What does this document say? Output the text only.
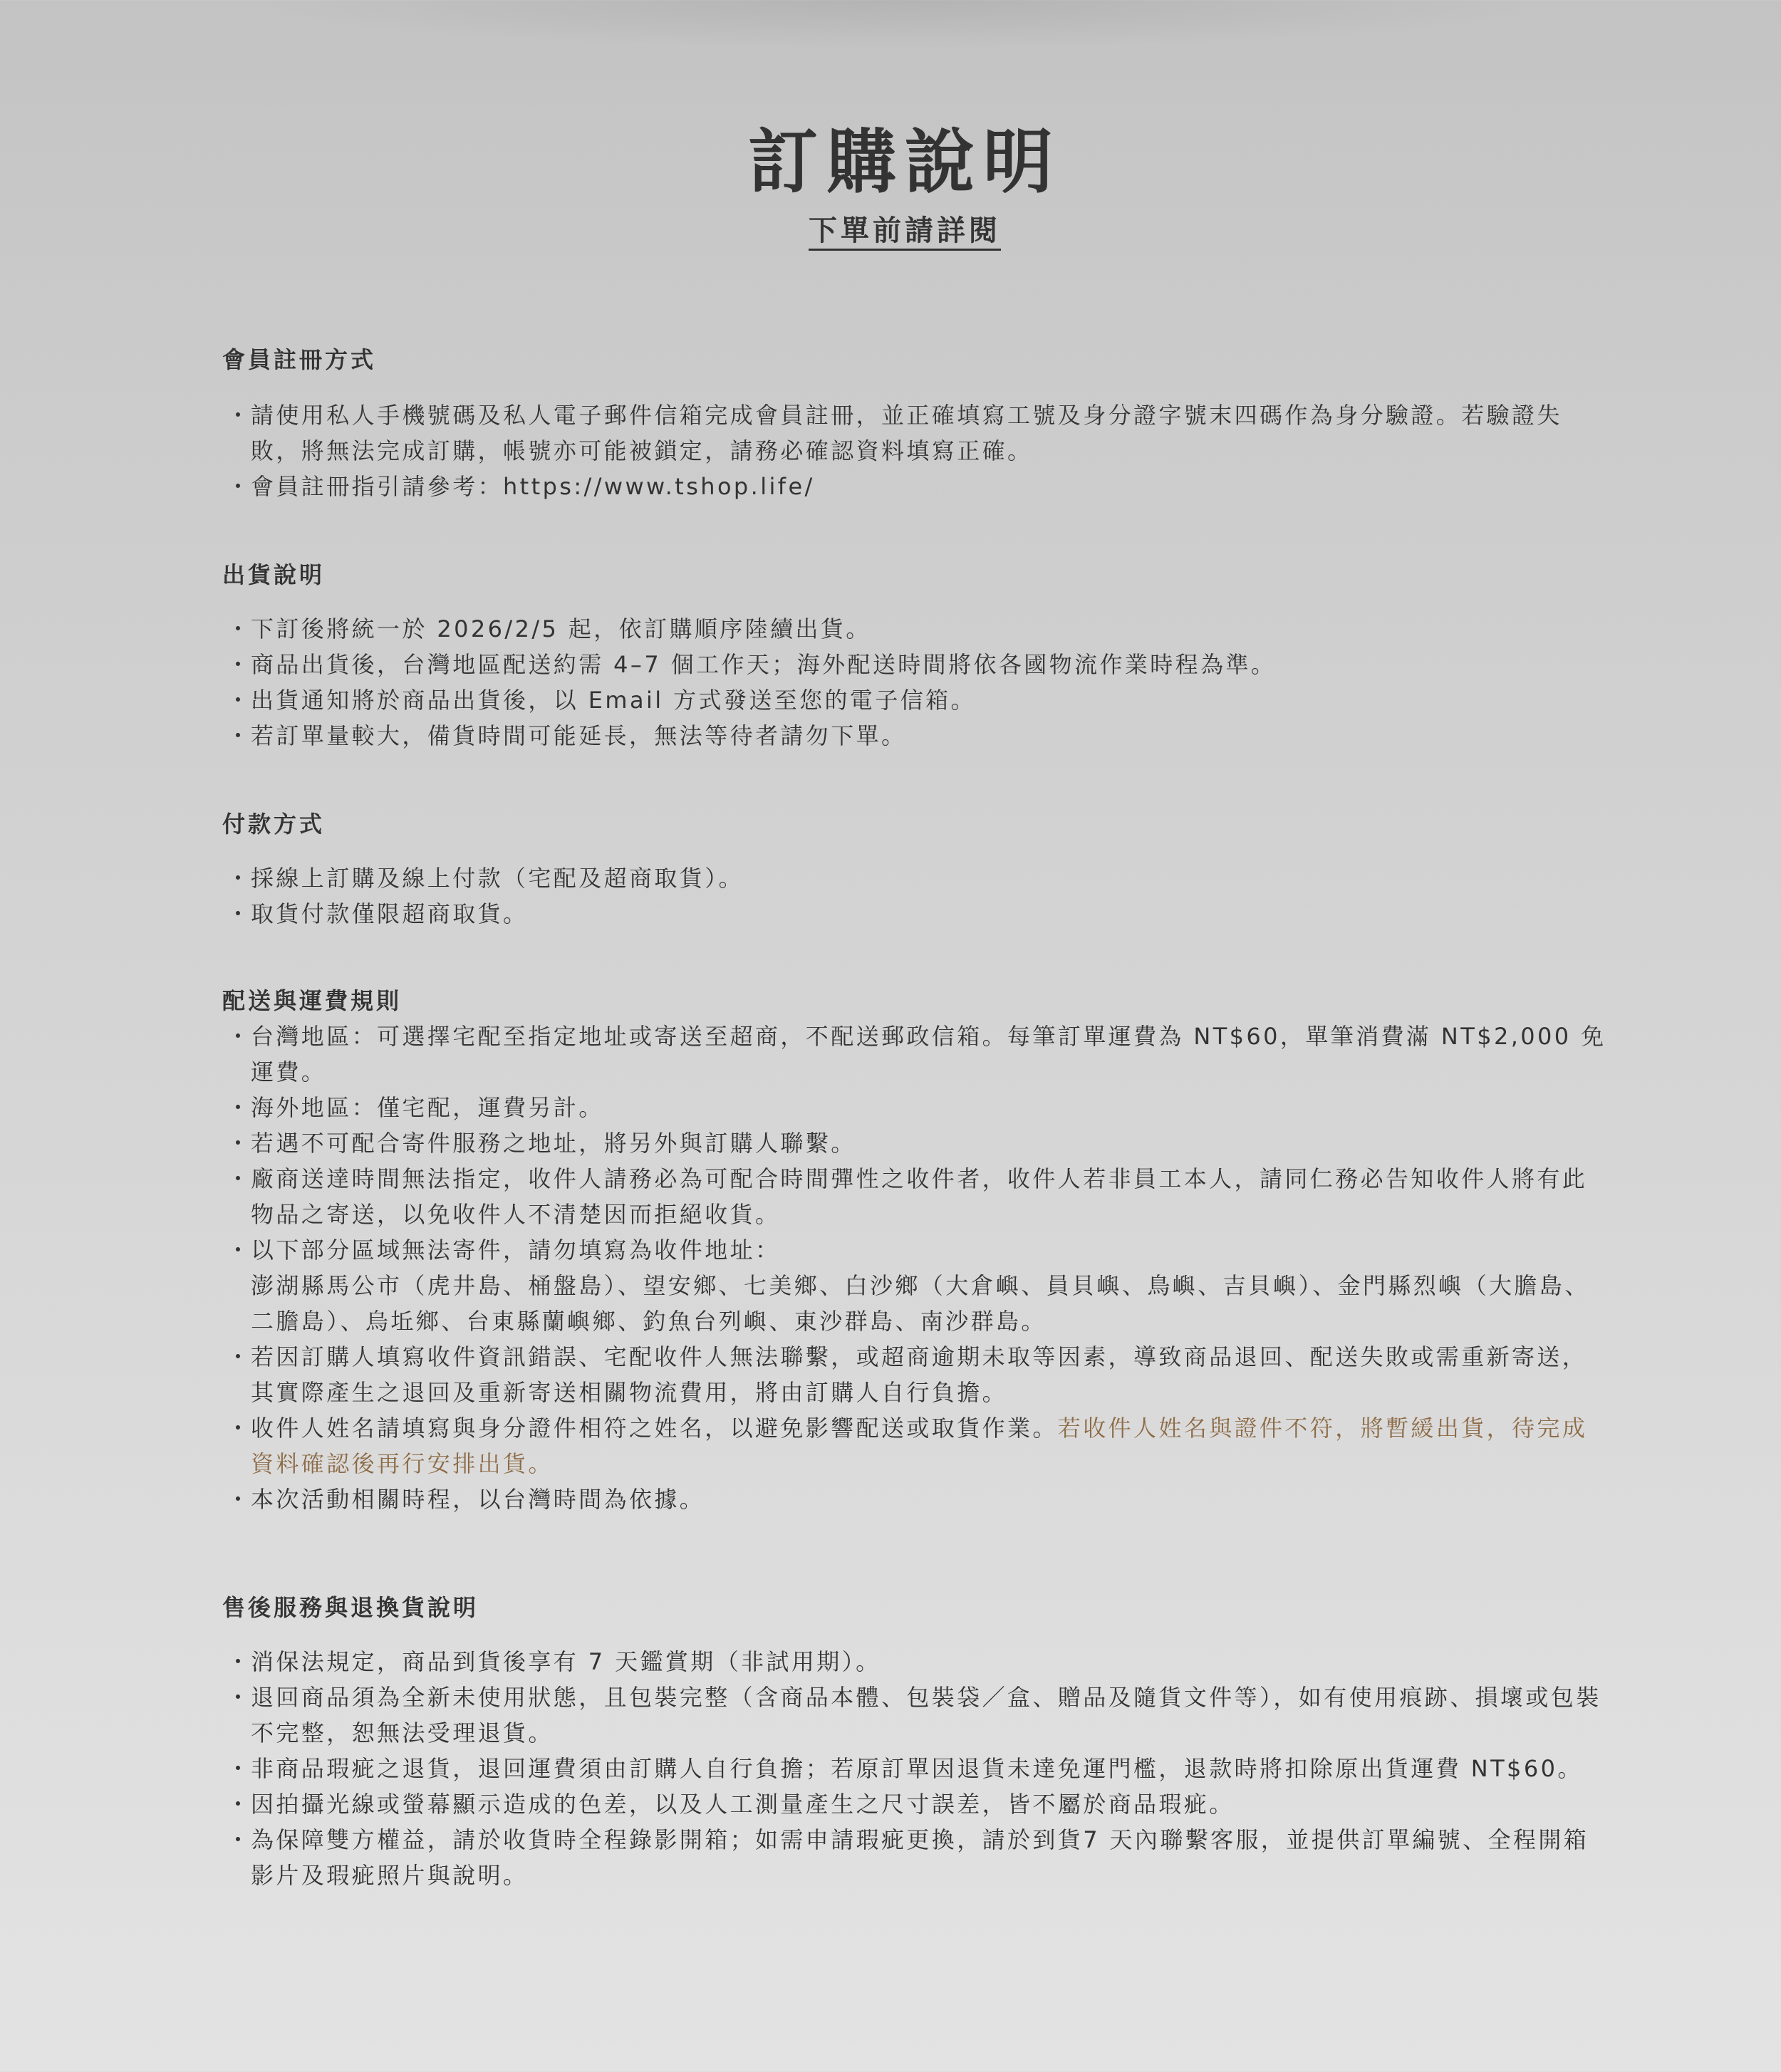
訂購說明
下單前請詳閱
會員註冊方式
・
請使用私人手機號碼及私人電子郵件信箱完成會員註冊，並正確填寫工號及身分證字號末四碼作為身分驗證。若驗證失敗，將無法完成訂購，帳號亦可能被鎖定，請務必確認資料填寫正確。
・
會員註冊指引請參考：https://www.tshop.life/
出貨說明
・
下訂後將統一於 2026/2/5 起，依訂購順序陸續出貨。
・
商品出貨後，台灣地區配送約需 4–7 個工作天；海外配送時間將依各國物流作業時程為準。
・
出貨通知將於商品出貨後，以 Email 方式發送至您的電子信箱。
・
若訂單量較大，備貨時間可能延長，無法等待者請勿下單。
付款方式
・
採線上訂購及線上付款（宅配及超商取貨）。
・
取貨付款僅限超商取貨。
配送與運費規則
・
台灣地區：可選擇宅配至指定地址或寄送至超商，不配送郵政信箱。每筆訂單運費為 NT$60，單筆消費滿 NT$2,000 免運費。
・
海外地區：僅宅配，運費另計。
・
若遇不可配合寄件服務之地址，將另外與訂購人聯繫。
・
廠商送達時間無法指定，收件人請務必為可配合時間彈性之收件者，收件人若非員工本人，請同仁務必告知收件人將有此物品之寄送，以免收件人不清楚因而拒絕收貨。
・
以下部分區域無法寄件，請勿填寫為收件地址：
澎湖縣馬公市（虎井島、桶盤島）、望安鄉、七美鄉、白沙鄉（大倉嶼、員貝嶼、鳥嶼、吉貝嶼）、金門縣烈嶼（大膽島、二膽島）、烏坵鄉、台東縣蘭嶼鄉、釣魚台列嶼、東沙群島、南沙群島。
・
若因訂購人填寫收件資訊錯誤、宅配收件人無法聯繫，或超商逾期未取等因素，導致商品退回、配送失敗或需重新寄送，其實際產生之退回及重新寄送相關物流費用，將由訂購人自行負擔。
・
收件人姓名請填寫與身分證件相符之姓名，以避免影響配送或取貨作業。若收件人姓名與證件不符，將暫緩出貨，待完成資料確認後再行安排出貨。
・
本次活動相關時程，以台灣時間為依據。
售後服務與退換貨說明
・
消保法規定，商品到貨後享有 7 天鑑賞期（非試用期）。
・
退回商品須為全新未使用狀態，且包裝完整（含商品本體、包裝袋／盒、贈品及隨貨文件等），如有使用痕跡、損壞或包裝不完整，恕無法受理退貨。
・
非商品瑕疵之退貨，退回運費須由訂購人自行負擔；若原訂單因退貨未達免運門檻，退款時將扣除原出貨運費 NT$60。
・
因拍攝光線或螢幕顯示造成的色差，以及人工測量產生之尺寸誤差，皆不屬於商品瑕疵。
・
為保障雙方權益，請於收貨時全程錄影開箱；如需申請瑕疵更換，請於到貨7 天內聯繫客服，並提供訂單編號、全程開箱影片及瑕疵照片與說明。
